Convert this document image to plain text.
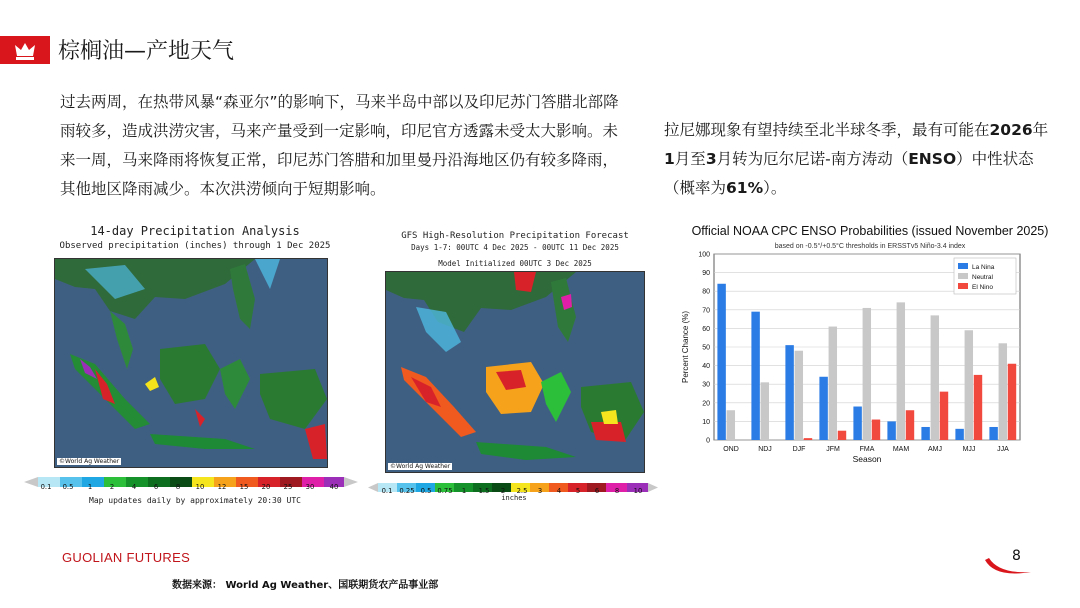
棕榈油—产地天气
过去两周，在热带风暴“森亚尔”的影响下，马来半岛中部以及印尼苏门答腊北部降雨较多，造成洪涝灾害，马来产量受到一定影响，印尼官方透露未受太大影响。未来一周，马来降雨将恢复正常，印尼苏门答腊和加里曼丹沿海地区仍有较多降雨，其他地区降雨减少。本次洪涝倾向于短期影响。
拉尼娜现象有望持续至北半球冬季，最有可能在2026年
1月至3月转为厄尔尼诺-南方涛动（ENSO）中性状态（概率为61%）。
14-day Precipitation Analysis
Observed precipitation (inches) through 1 Dec 2025
©World Ag Weather
0.1 0.5 1	2	4	6	8 10 12 15 20 25 30 40
Map updates daily by approximately 20:30 UTC
GFS High-Resolution Precipitation Forecast
Days 1-7: 00UTC 4 Dec 2025 - 00UTC 11 Dec 2025
Model Initialized 00UTC 3 Dec 2025
©World Ag Weather
0.1 0.25 0.5 0.75 1 1.5 2 2.5 3 4 5 6 8 10
inches
Official NOAA CPC ENSO Probabilities (issued November 2025)
based on -0.5°/+0.5°C thresholds in ERSSTv5 Niño-3.4 index
0
10
20
30
40
50
60
70
80
90
100
OND	NDJ	DJF	JFM	FMA	MAM	AMJ	MJJ	JJA
Season
Percent Chance (%)
La Nina
Neutral
El Nino
GUOLIAN FUTURES
数据来源： World Ag Weather、国联期货农产品事业部
8
